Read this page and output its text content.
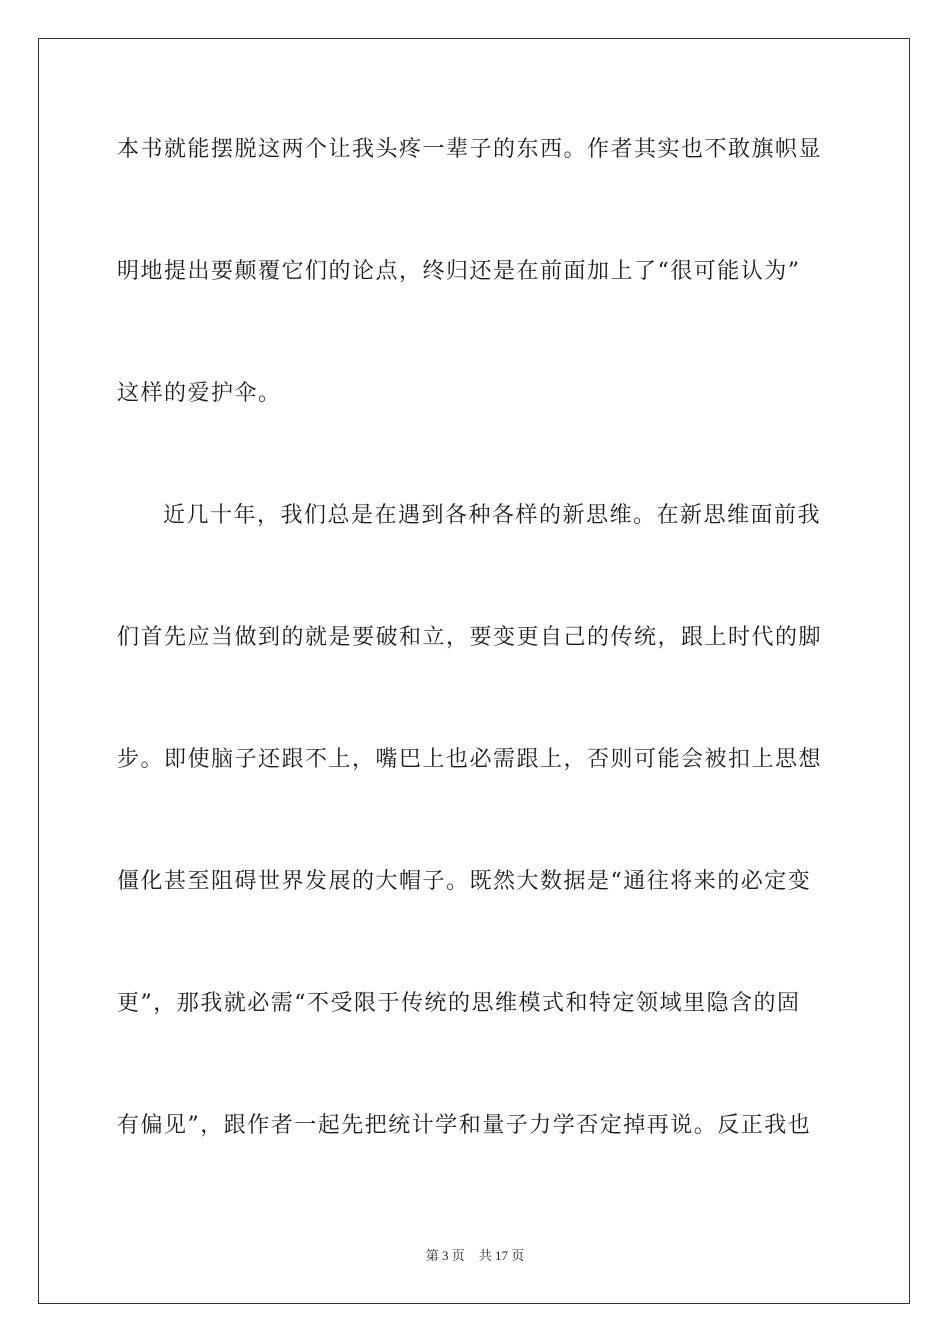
本书就能摆脱这两个让我头疼一辈子的东西。作者其实也不敢旗帜显
明地提出要颠覆它们的论点，终归还是在前面加上了“很可能认为”
这样的爱护伞。
近几十年，我们总是在遇到各种各样的新思维。在新思维面前我
们首先应当做到的就是要破和立，要变更自己的传统，跟上时代的脚
步。即使脑子还跟不上，嘴巴上也必需跟上，否则可能会被扣上思想
僵化甚至阻碍世界发展的大帽子。既然大数据是“通往将来的必定变
更”，那我就必需“不受限于传统的思维模式和特定领域里隐含的固
有偏见”，跟作者一起先把统计学和量子力学否定掉再说。反正我也
第 3 页 共 17 页
